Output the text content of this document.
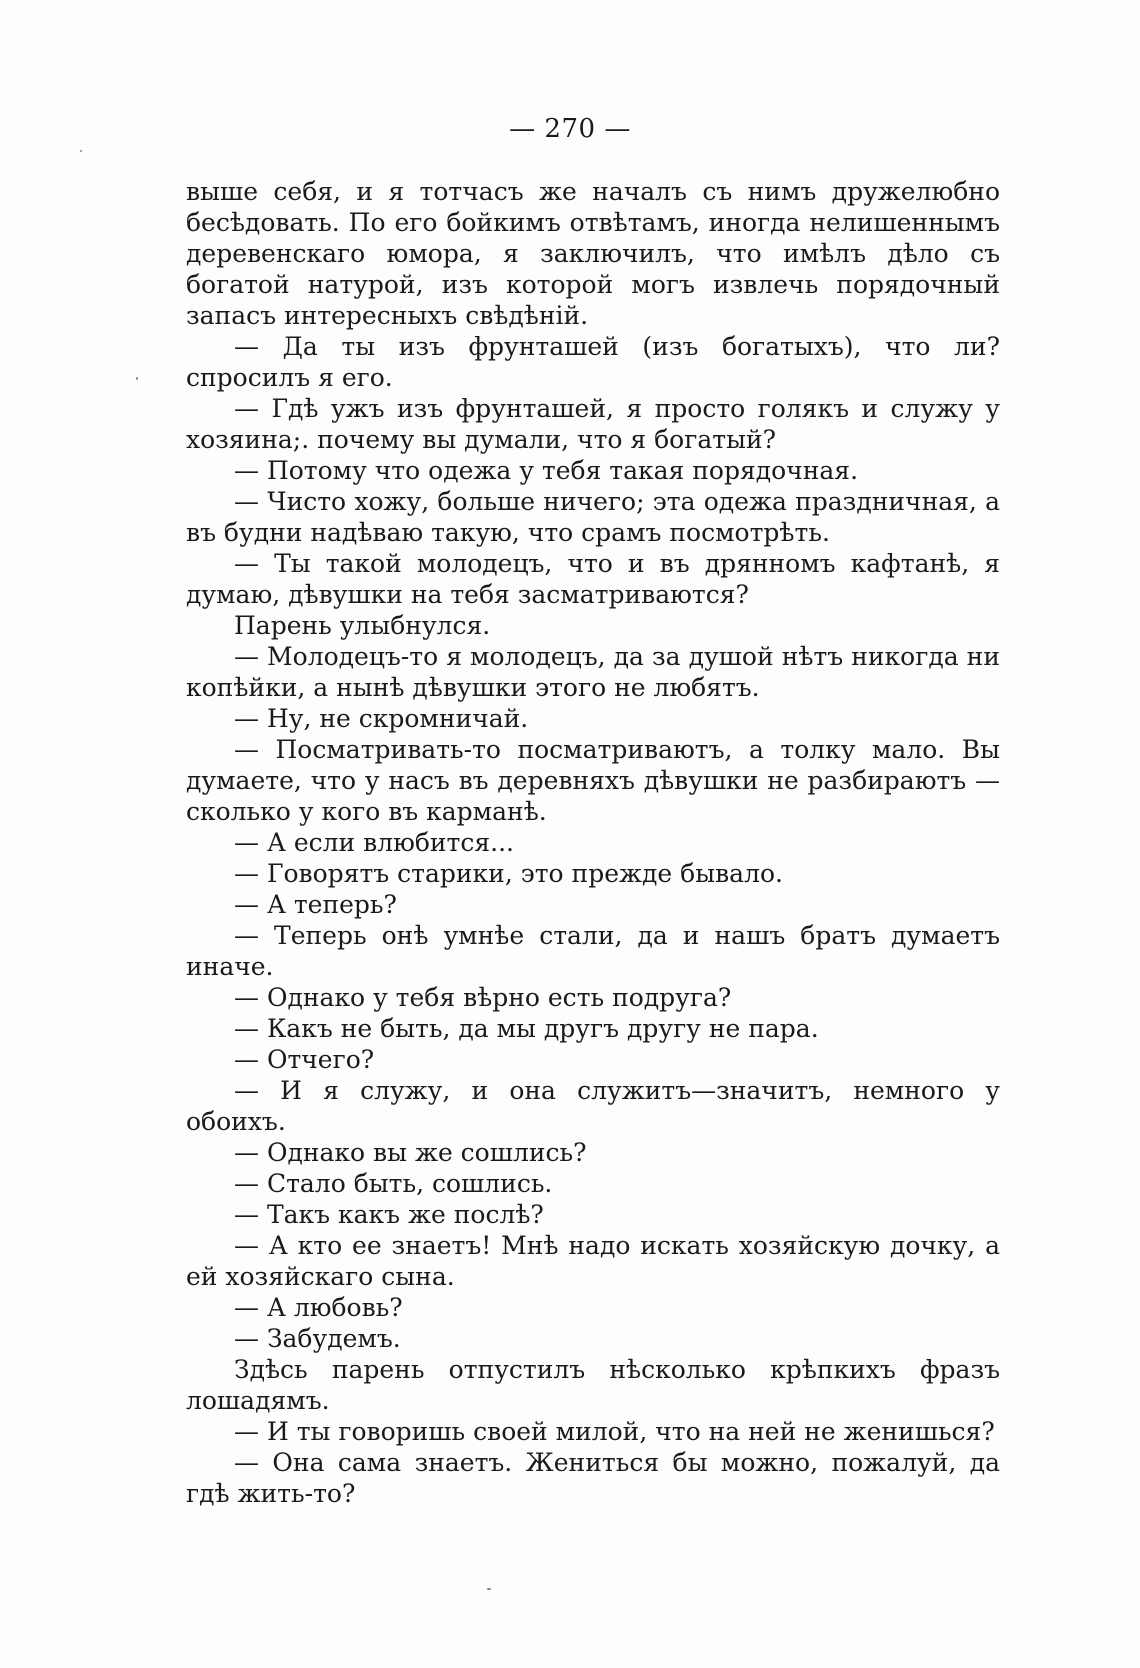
— 270 —

выше себя, и я тотчасъ же началъ съ нимъ дружелюбно бесѣдовать. По его бойкимъ отвѣтамъ, иногда нелишеннымъ деревенскаго юмора, я заключилъ, что имѣлъ дѣло съ богатой натурой, изъ которой могъ извлечь порядочный запасъ интересныхъ свѣдѣній.

— Да ты изъ фрунташей (изъ богатыхъ), что ли? спросилъ я его.

— Гдѣ ужъ изъ фрунташей, я просто голякъ и служу у хозяина;. почему вы думали, что я богатый?

— Потому что одежа у тебя такая порядочная.

— Чисто хожу, больше ничего; эта одежа праздничная, а въ будни надѣваю такую, что срамъ посмотрѣть.

— Ты такой молодецъ, что и въ дрянномъ кафтанѣ, я думаю, дѣвушки на тебя засматриваются?

Парень улыбнулся.

— Молодецъ-то я молодецъ, да за душой нѣтъ никогда ни копѣйки, а нынѣ дѣвушки этого не любятъ.

— Ну, не скромничай.

— Посматривать-то посматриваютъ, а толку мало. Вы думаете, что у насъ въ деревняхъ дѣвушки не разбираютъ — сколько у кого въ карманѣ.

— А если влюбится...

— Говорятъ старики, это прежде бывало.

— А теперь?

— Теперь онѣ умнѣе стали, да и нашъ братъ думаетъ иначе.

— Однако у тебя вѣрно есть подруга?

— Какъ не быть, да мы другъ другу не пара.

— Отчего?

— И я служу, и она служитъ—значитъ, немного у обоихъ.

— Однако вы же сошлись?

— Стало быть, сошлись.

— Такъ какъ же послѣ?

— А кто ее знаетъ! Мнѣ надо искать хозяйскую дочку, а ей хозяйскаго сына.

— А любовь?

— Забудемъ.

Здѣсь парень отпустилъ нѣсколько крѣпкихъ фразъ лошадямъ.

— И ты говоришь своей милой, что на ней не женишься?

— Она сама знаетъ. Жениться бы можно, пожалуй, да гдѣ жить-то?
